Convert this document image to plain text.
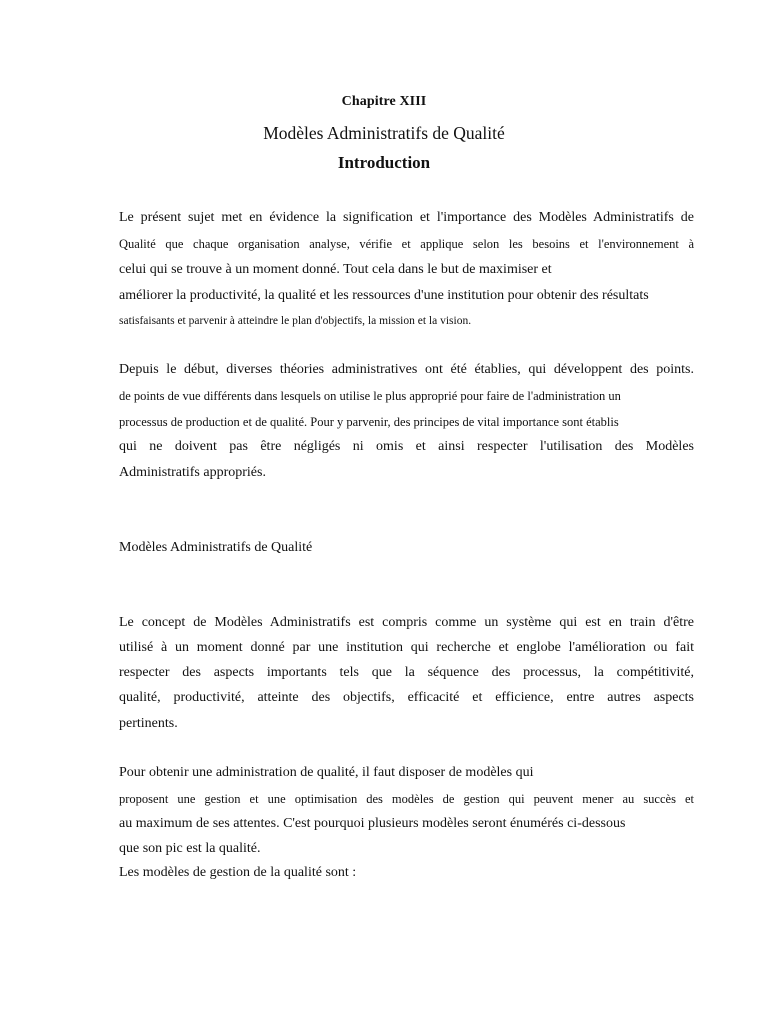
Chapitre XIII
Modèles Administratifs de Qualité
Introduction
Le présent sujet met en évidence la signification et l'importance des Modèles Administratifs de
Qualité que chaque organisation analyse, vérifie et applique selon les besoins et l'environnement à
celui qui se trouve à un moment donné. Tout cela dans le but de maximiser et
améliorer la productivité, la qualité et les ressources d'une institution pour obtenir des résultats
satisfaisants et parvenir à atteindre le plan d'objectifs, la mission et la vision.
Depuis le début, diverses théories administratives ont été établies, qui développent des points.
de points de vue différents dans lesquels on utilise le plus approprié pour faire de l'administration un
processus de production et de qualité. Pour y parvenir, des principes de vital importance sont établis
qui ne doivent pas être négligés ni omis et ainsi respecter l'utilisation des Modèles
Administratifs appropriés.
Modèles Administratifs de Qualité
Le concept de Modèles Administratifs est compris comme un système qui est en train d'être
utilisé à un moment donné par une institution qui recherche et englobe l'amélioration ou fait
respecter des aspects importants tels que la séquence des processus, la compétitivité,
qualité, productivité, atteinte des objectifs, efficacité et efficience, entre autres aspects
pertinents.
Pour obtenir une administration de qualité, il faut disposer de modèles qui
proposent une gestion et une optimisation des modèles de gestion qui peuvent mener au succès et
au maximum de ses attentes. C'est pourquoi plusieurs modèles seront énumérés ci-dessous
que son pic est la qualité.
Les modèles de gestion de la qualité sont :
